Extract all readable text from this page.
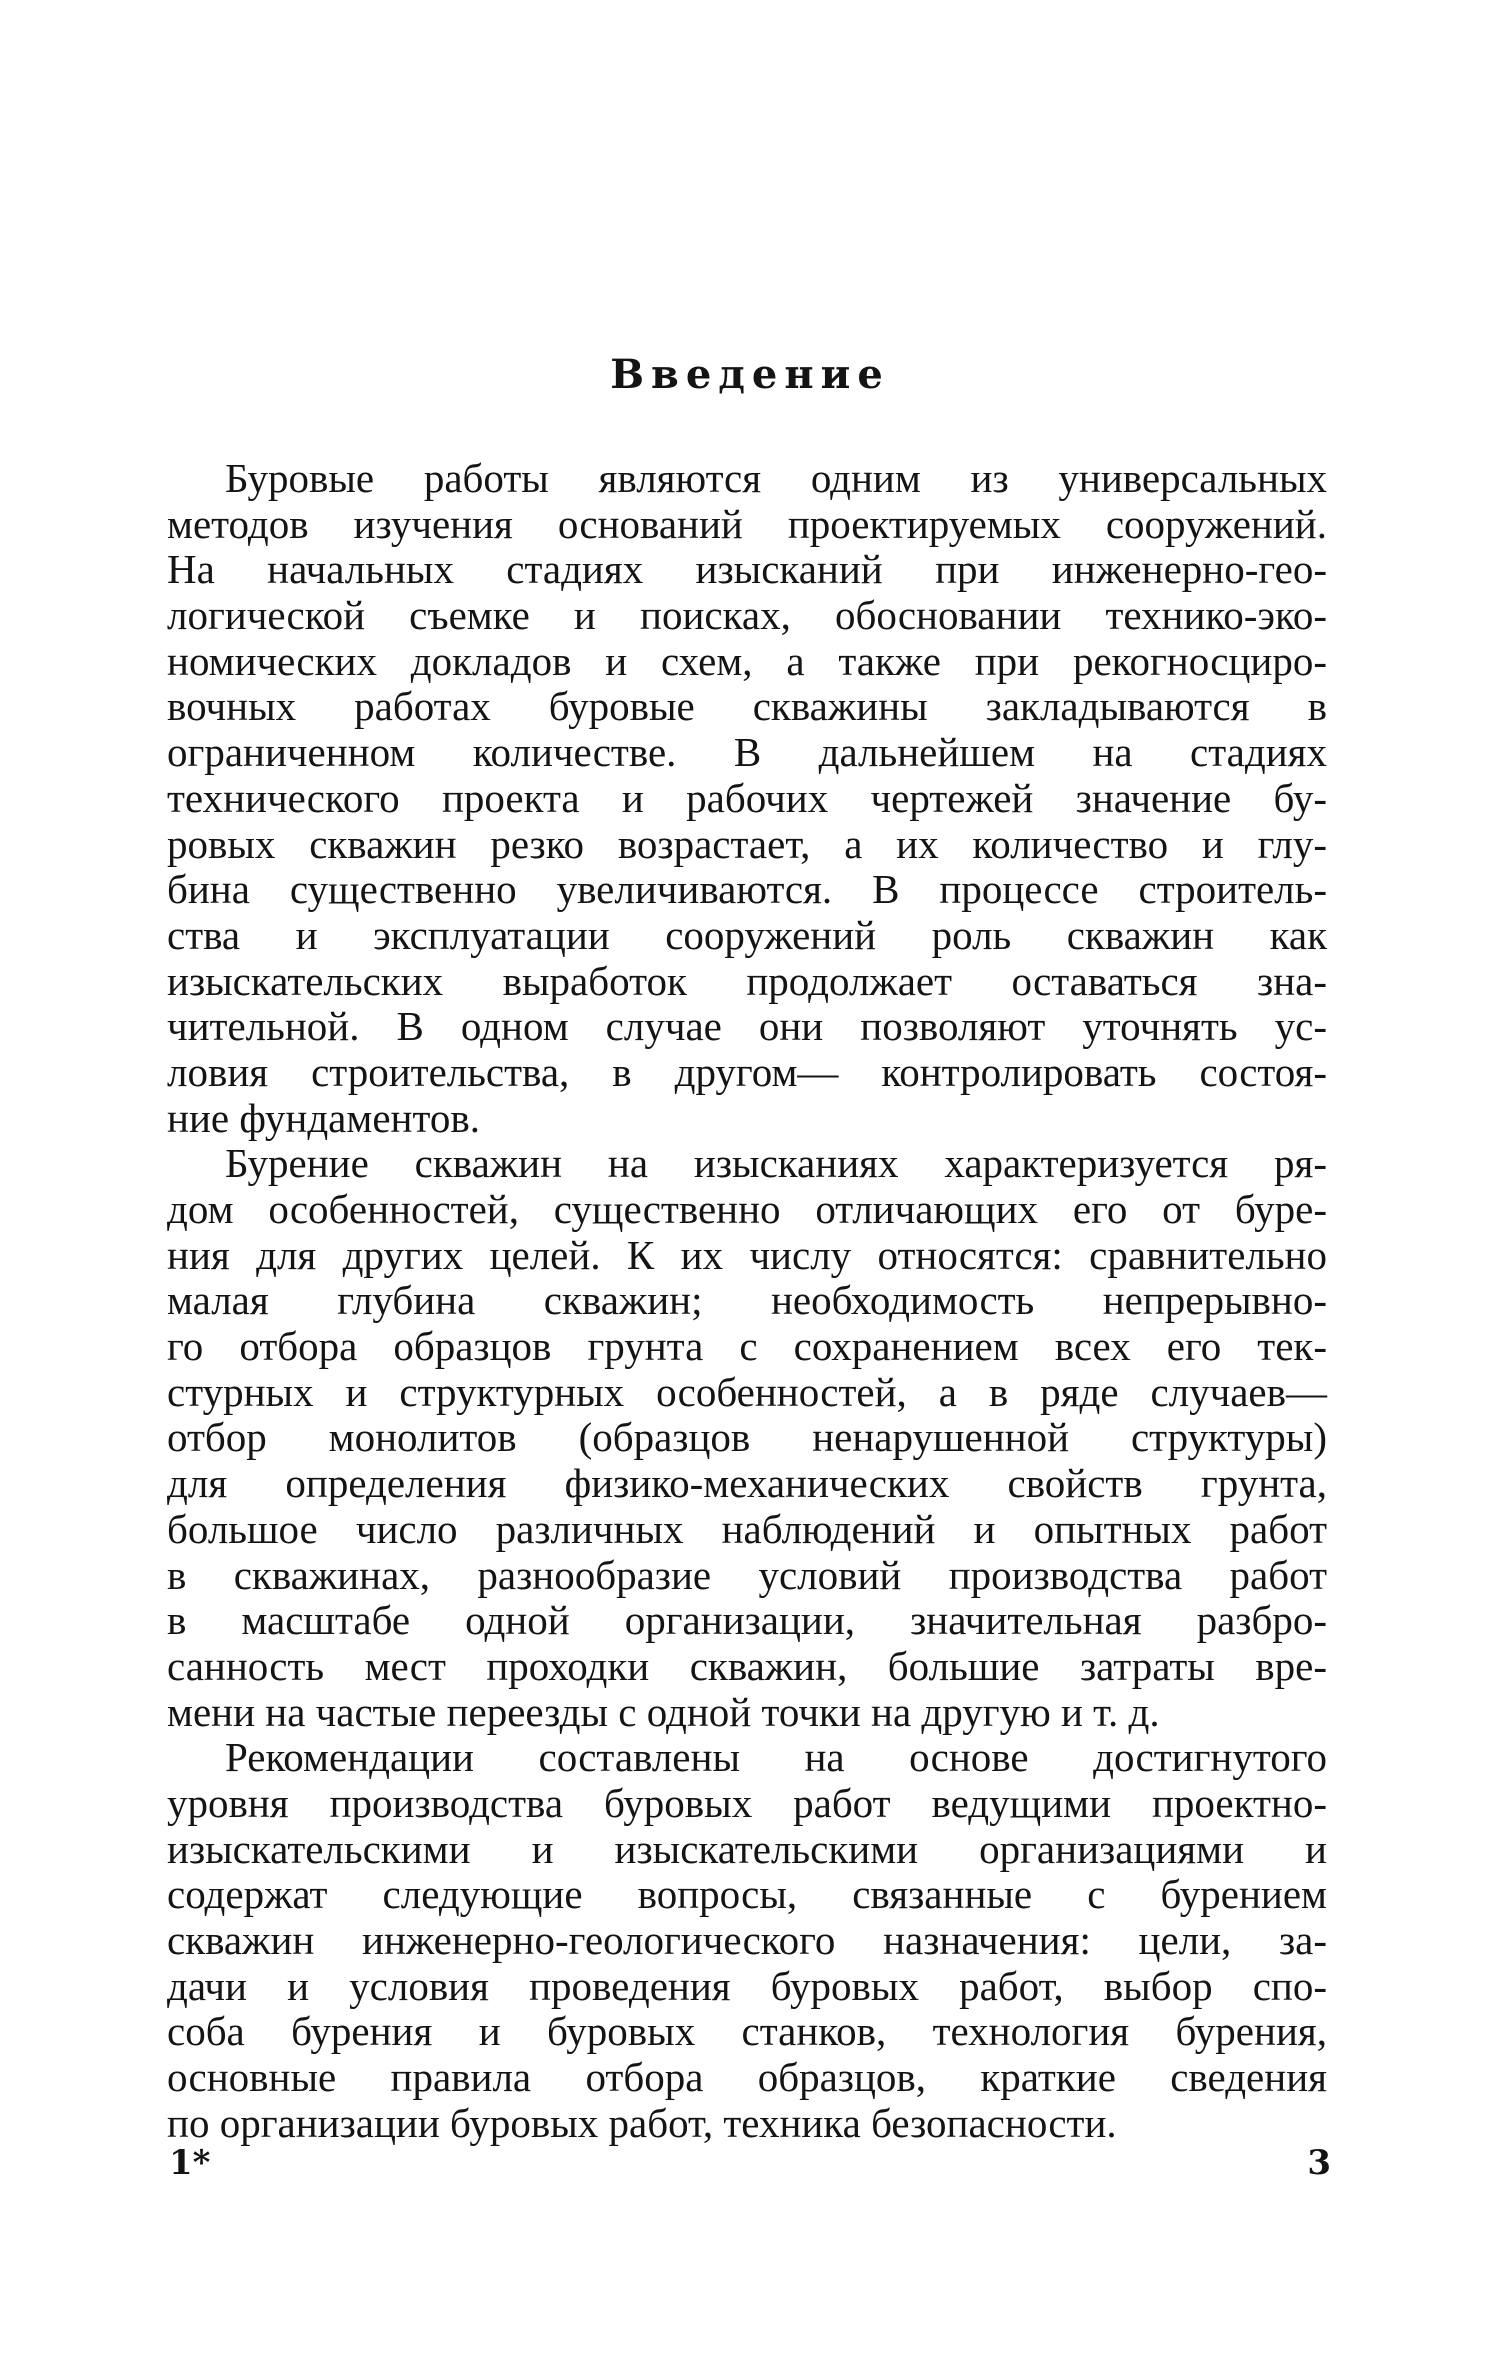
Введение
Буровые работы являются одним из универсальных
методов изучения оснований проектируемых сооружений.
На начальных стадиях изысканий при инженерно-гео-
логической съемке и поисках, обосновании технико-эко-
номических докладов и схем, а также при рекогносциро-
вочных работах буровые скважины закладываются в
ограниченном количестве. В дальнейшем на стадиях
технического проекта и рабочих чертежей значение бу-
ровых скважин резко возрастает, а их количество и глу-
бина существенно увеличиваются. В процессе строитель-
ства и эксплуатации сооружений роль скважин как
изыскательских выработок продолжает оставаться зна-
чительной. В одном случае они позволяют уточнять ус-
ловия строительства, в другом— контролировать состоя-
ние фундаментов.
Бурение скважин на изысканиях характеризуется ря-
дом особенностей, существенно отличающих его от буре-
ния для других целей. К их числу относятся: сравнительно
малая глубина скважин; необходимость непрерывно-
го отбора образцов грунта с сохранением всех его тек-
стурных и структурных особенностей, а в ряде случаев—
отбор монолитов (образцов ненарушенной структуры)
для определения физико-механических свойств грунта,
большое число различных наблюдений и опытных работ
в скважинах, разнообразие условий производства работ
в масштабе одной организации, значительная разбро-
санность мест проходки скважин, большие затраты вре-
мени на частые переезды с одной точки на другую и т. д.
Рекомендации составлены на основе достигнутого
уровня производства буровых работ ведущими проектно-
изыскательскими и изыскательскими организациями и
содержат следующие вопросы, связанные с бурением
скважин инженерно-геологического назначения: цели, за-
дачи и условия проведения буровых работ, выбор спо-
соба бурения и буровых станков, технология бурения,
основные правила отбора образцов, краткие сведения
по организации буровых работ, техника безопасности.
1*	3
